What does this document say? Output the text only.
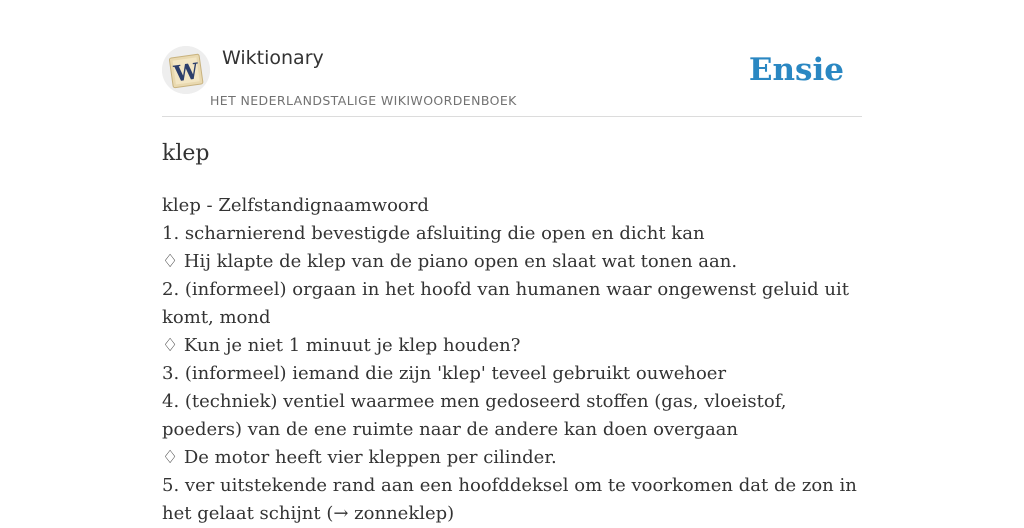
W
Wiktionary
HET NEDERLANDSTALIGE WIKIWOORDENBOEK
Ensie
klep
klep - Zelfstandignaamwoord
1. scharnierend bevestigde afsluiting die open en dicht kan
♢ Hij klapte de klep van de piano open en slaat wat tonen aan.
2. (informeel) orgaan in het hoofd van humanen waar ongewenst geluid uit komt, mond
♢ Kun je niet 1 minuut je klep houden?
3. (informeel) iemand die zijn 'klep' teveel gebruikt ouwehoer
4. (techniek) ventiel waarmee men gedoseerd stoffen (gas, vloeistof, poeders) van de ene ruimte naar de andere kan doen overgaan
♢ De motor heeft vier kleppen per cilinder.
5. ver uitstekende rand aan een hoofddeksel om te voorkomen dat de zon in het gelaat schijnt (→ zonneklep)
